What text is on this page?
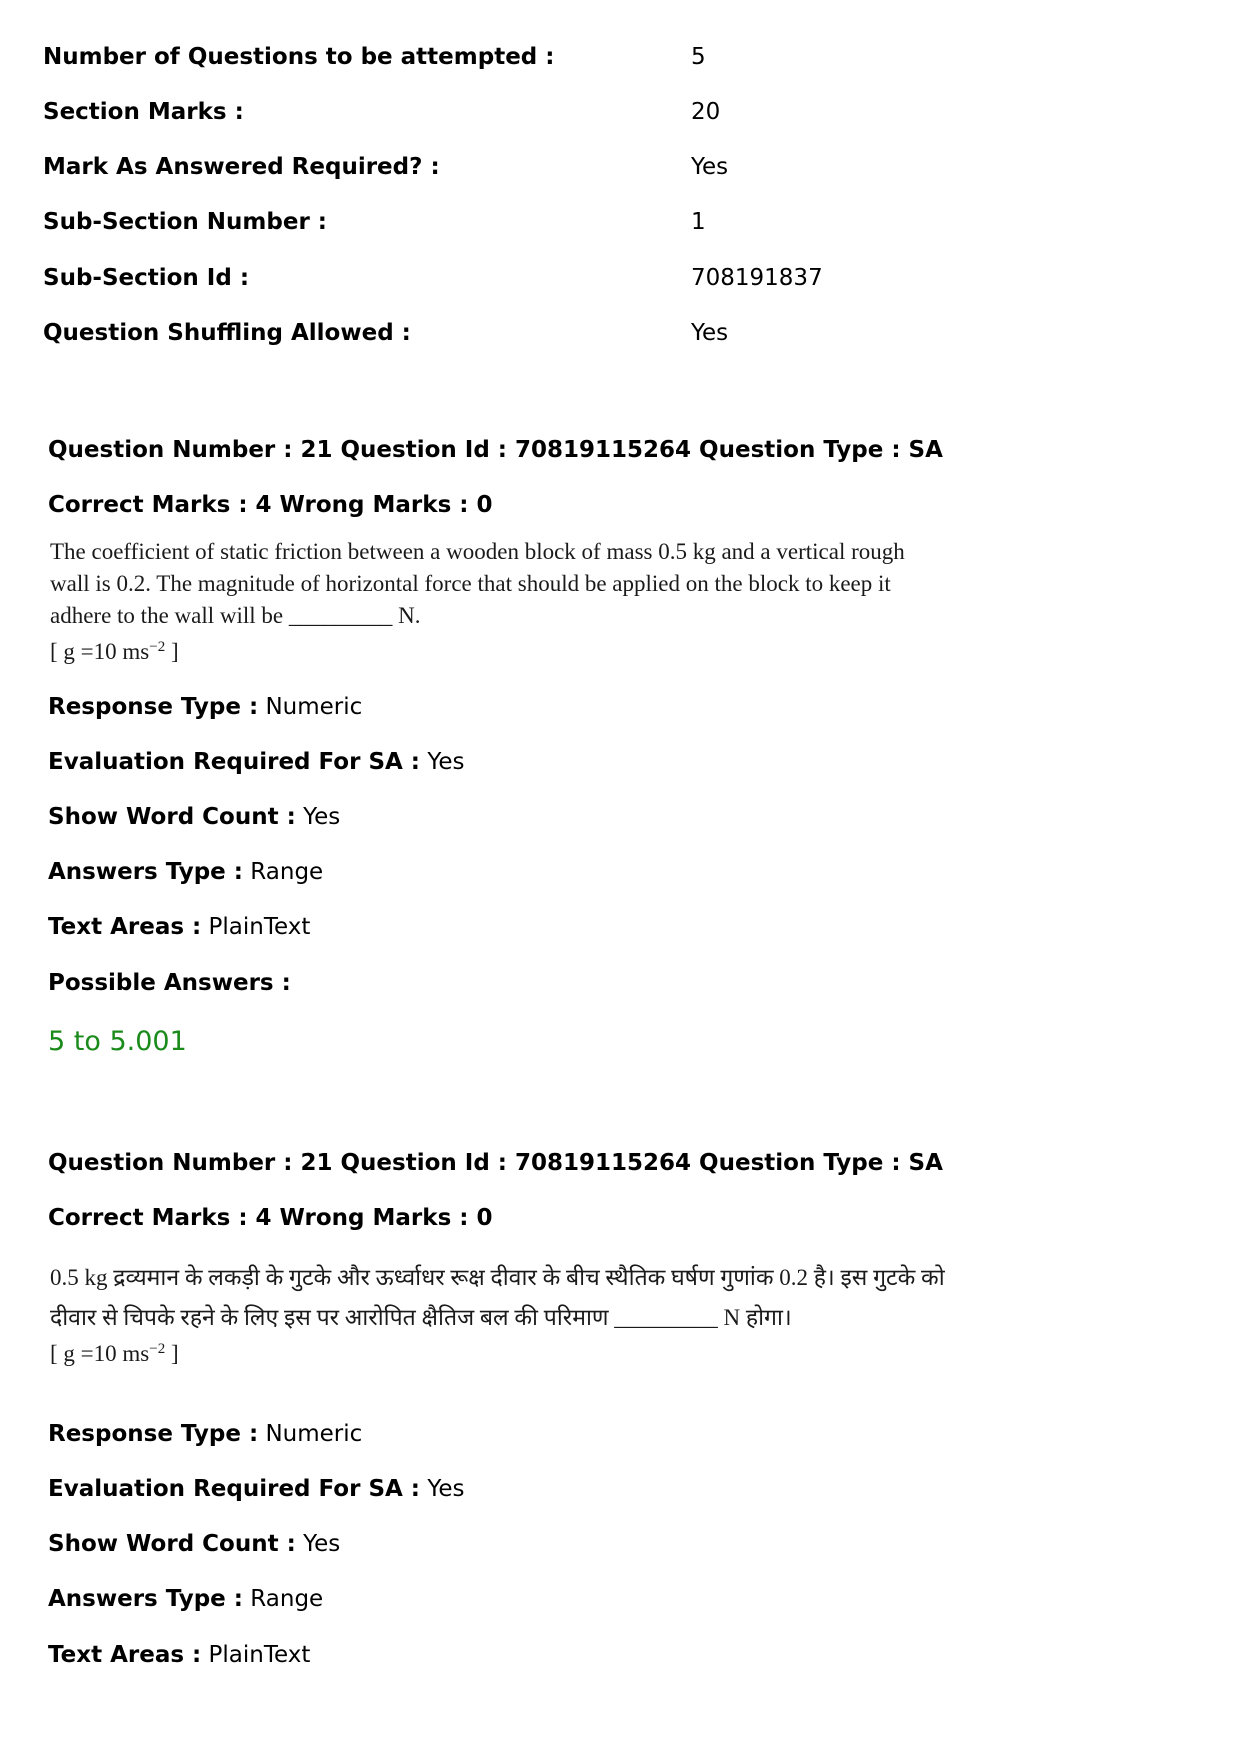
Number of Questions to be attempted :	5
Section Marks :	20
Mark As Answered Required? :	Yes
Sub-Section Number :	1
Sub-Section Id :	708191837
Question Shuffling Allowed :	Yes
Question Number : 21 Question Id : 70819115264 Question Type : SA
Correct Marks : 4 Wrong Marks : 0
The coefficient of static friction between a wooden block of mass 0.5 kg and a vertical rough
wall is 0.2. The magnitude of horizontal force that should be applied on the block to keep it
adhere to the wall will be _________ N.
[ g =10 $ms^{-2}$ ]
Response Type : Numeric
Evaluation Required For SA : Yes
Show Word Count : Yes
Answers Type : Range
Text Areas : PlainText
Possible Answers :
5 to 5.001
Question Number : 21 Question Id : 70819115264 Question Type : SA
Correct Marks : 4 Wrong Marks : 0
0.5 kg द्रव्यमान के लकड़ी के गुटके और ऊर्ध्वाधर रूक्ष दीवार के बीच स्थैतिक घर्षण गुणांक 0.2 है। इस गुटके को
दीवार से चिपके रहने के लिए इस पर आरोपित क्षैतिज बल की परिमाण _________ N होगा।
[ g =10 $ms^{-2}$ ]
Response Type : Numeric
Evaluation Required For SA : Yes
Show Word Count : Yes
Answers Type : Range
Text Areas : PlainText
